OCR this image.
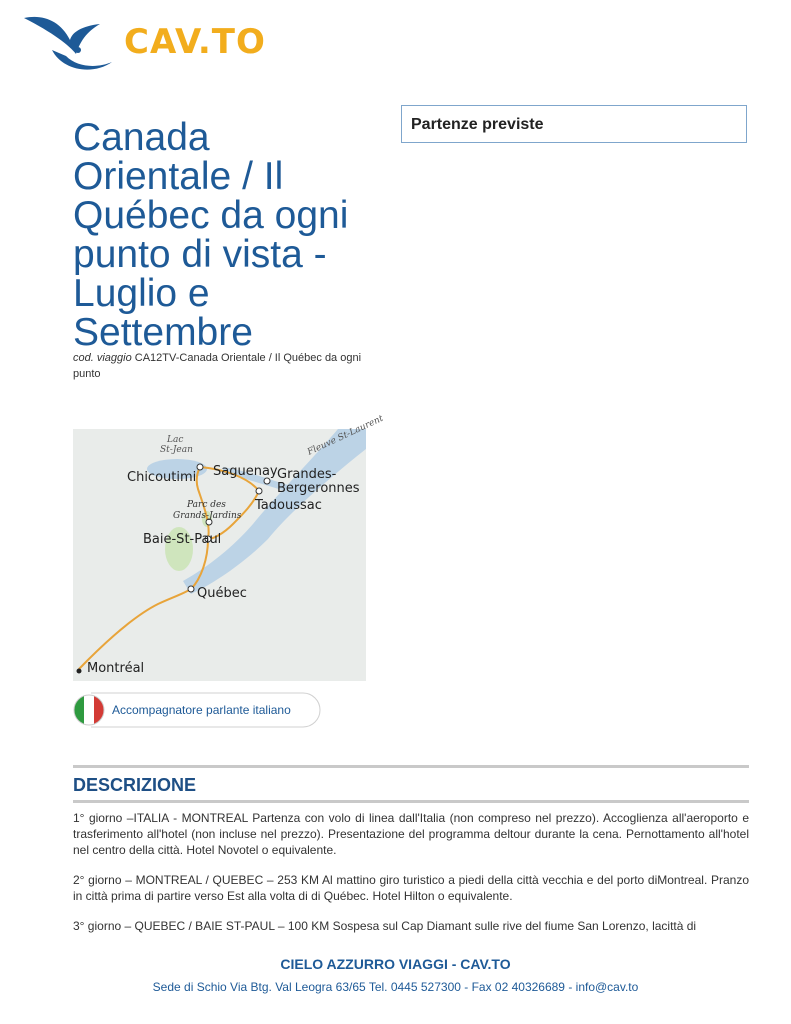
CAV.TO
Canada Orientale / Il Québec da ogni punto di vista - Luglio e Settembre
cod. viaggio CA12TV-Canada Orientale / Il Québec da ogni punto
Lac
St-Jean	Fleuve St-Laurent
Chicoutimi Saguenay Grandes-
Bergeronnes
Tadoussac
Parc des
Grands-Jardins
Baie-St-Paul
Québec
Montréal
Accompagnatore parlante italiano
Partenze previste
DESCRIZIONE

1° giorno –ITALIA - MONTREAL Partenza con volo di linea dall'Italia (non compreso nel prezzo). Accoglienza all'aeroporto e trasferimento all'hotel (non incluse nel prezzo). Presentazione del programma deltour durante la cena. Pernottamento all'hotel nel centro della città. Hotel Novotel o equivalente.

2° giorno – MONTREAL / QUEBEC – 253 KM Al mattino giro turistico a piedi della città vecchia e del porto diMontreal. Pranzo in città prima di partire verso Est alla volta di di Québec. Hotel Hilton o equivalente.

3° giorno – QUEBEC / BAIE ST-PAUL – 100 KM Sospesa sul Cap Diamant sulle rive del fiume San Lorenzo, lacittà di

CIELO AZZURRO VIAGGI - CAV.TO
Sede di Schio Via Btg. Val Leogra 63/65 Tel. 0445 527300 - Fax 02 40326689 - info@cav.to
